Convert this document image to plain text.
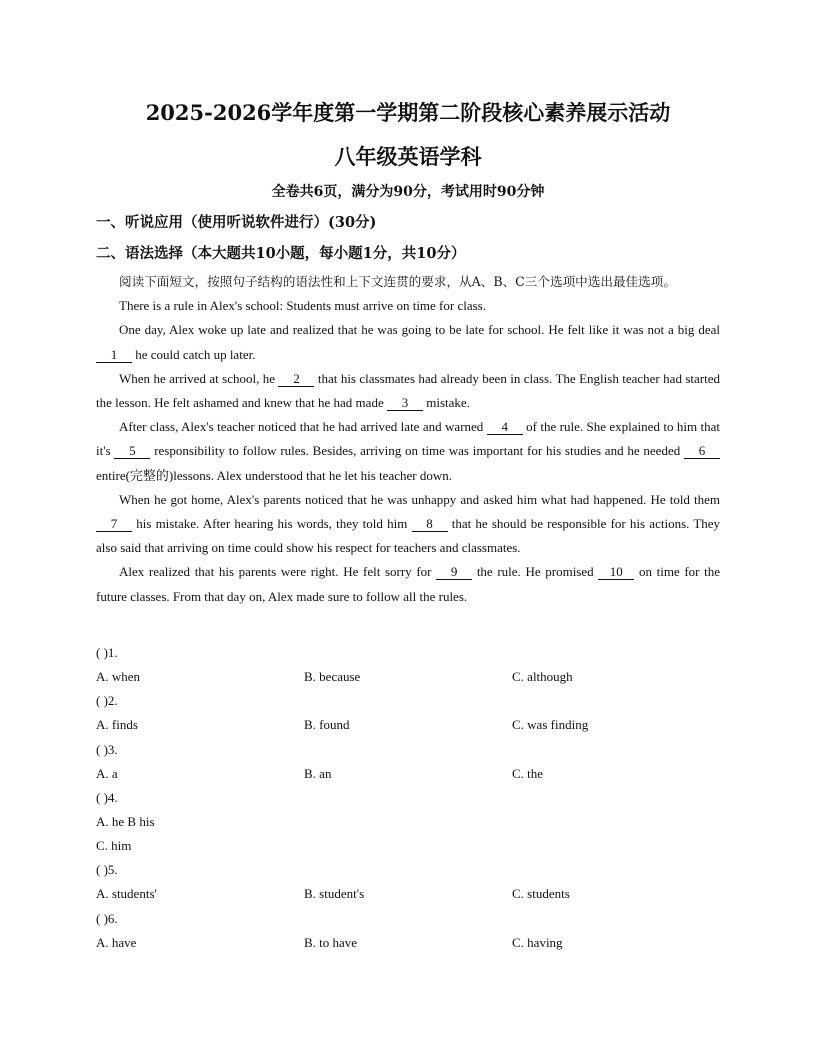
2025-2026学年度第一学期第二阶段核心素养展示活动
八年级英语学科
全卷共6页，满分为90分，考试用时90分钟
一、听说应用（使用听说软件进行）(30分)
二、语法选择（本大题共10小题，每小题1分，共10分）

阅读下面短文，按照句子结构的语法性和上下文连贯的要求，从A、B、C三个选项中选出最佳选项。

There is a rule in Alex's school: Students must arrive on time for class.

One day, Alex woke up late and realized that he was going to be late for school. He felt like it was not a big deal 1 he could catch up later.

When he arrived at school, he 2 that his classmates had already been in class. The English teacher had started the lesson. He felt ashamed and knew that he had made 3 mistake.

After class, Alex's teacher noticed that he had arrived late and warned 4 of the rule. She explained to him that it's 5 responsibility to follow rules. Besides, arriving on time was important for his studies and he needed 6 entire(完整的)lessons. Alex understood that he let his teacher down.

When he got home, Alex's parents noticed that he was unhappy and asked him what had happened. He told them 7 his mistake. After hearing his words, they told him 8 that he should be responsible for his actions. They also said that arriving on time could show his respect for teachers and classmates.

Alex realized that his parents were right. He felt sorry for 9 the rule. He promised 10 on time for the future classes. From that day on, Alex made sure to follow all the rules.

( )1.
A. when	B. because	C. although
( )2.
A. finds	B. found	C. was finding
( )3.
A. a	B. an	C. the
( )4.
A. he B his
C. him
( )5.
A. students'	B. student's	C. students
( )6.
A. have	B. to have	C. having
